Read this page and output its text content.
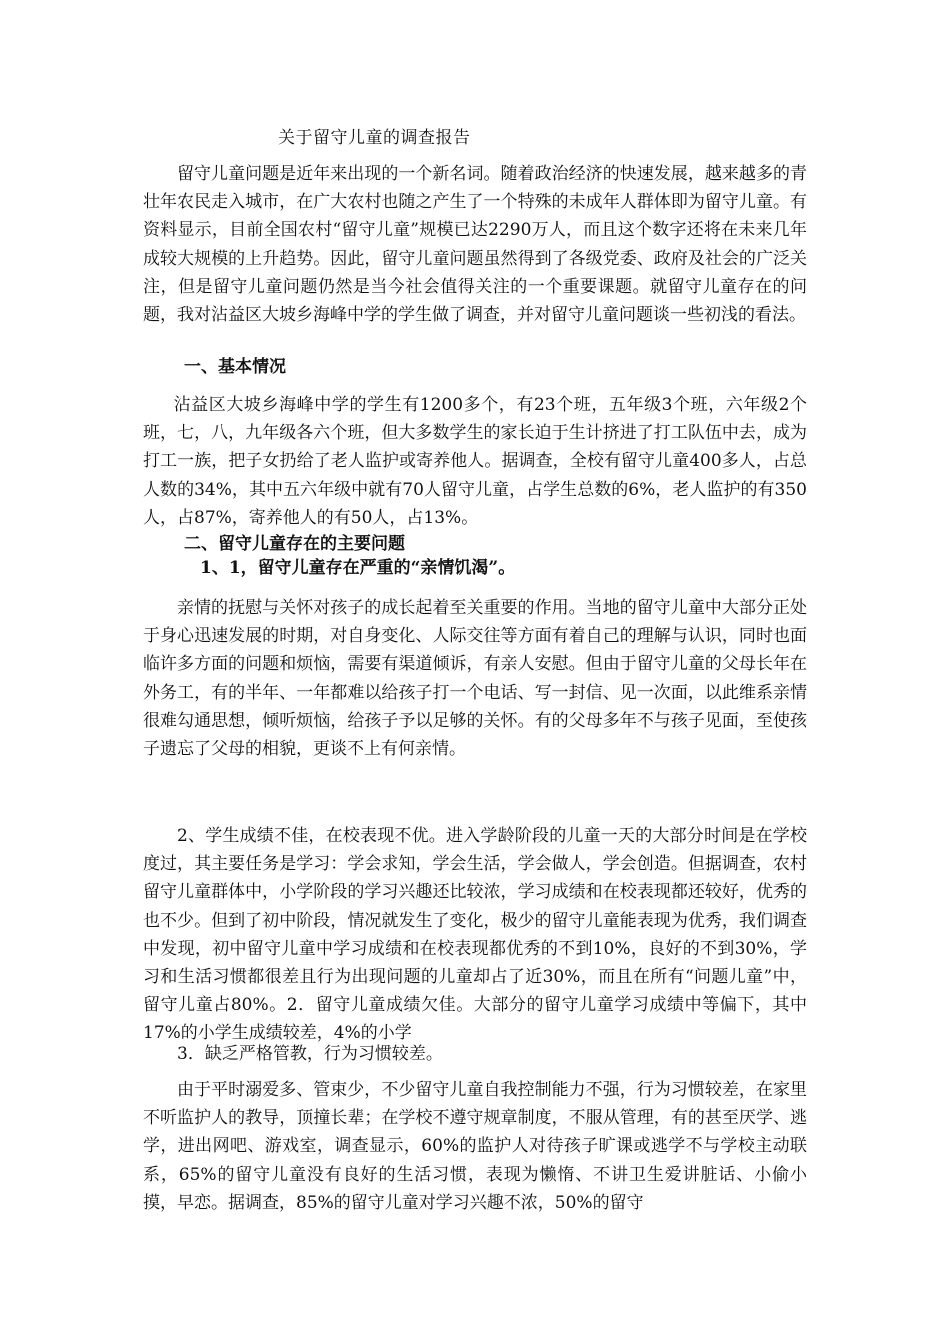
关于留守儿童的调查报告

留守儿童问题是近年来出现的一个新名词。随着政治经济的快速发展，越来越多的青壮年农民走入城市，在广大农村也随之产生了一个特殊的未成年人群体即为留守儿童。有资料显示，目前全国农村“留守儿童”规模已达2290万人，而且这个数字还将在未来几年成较大规模的上升趋势。因此，留守儿童问题虽然得到了各级党委、政府及社会的广泛关注，但是留守儿童问题仍然是当今社会值得关注的一个重要课题。就留守儿童存在的问题，我对沾益区大坡乡海峰中学的学生做了调查，并对留守儿童问题谈一些初浅的看法。

一、基本情况

沾益区大坡乡海峰中学的学生有1200多个，有23个班，五年级3个班，六年级2个班，七，八，九年级各六个班，但大多数学生的家长迫于生计挤进了打工队伍中去，成为打工一族，把子女扔给了老人监护或寄养他人。据调查，全校有留守儿童400多人，占总人数的34%，其中五六年级中就有70人留守儿童，占学生总数的6%，老人监护的有350人，占87%，寄养他人的有50人，占13%。

二、留守儿童存在的主要问题

1、1，留守儿童存在严重的“亲情饥渴”。

亲情的抚慰与关怀对孩子的成长起着至关重要的作用。当地的留守儿童中大部分正处于身心迅速发展的时期，对自身变化、人际交往等方面有着自己的理解与认识，同时也面临许多方面的问题和烦恼，需要有渠道倾诉，有亲人安慰。但由于留守儿童的父母长年在外务工，有的半年、一年都难以给孩子打一个电话、写一封信、见一次面，以此维系亲情很难勾通思想，倾听烦恼，给孩子予以足够的关怀。有的父母多年不与孩子见面，至使孩子遗忘了父母的相貌，更谈不上有何亲情。

2、学生成绩不佳，在校表现不优。进入学龄阶段的儿童一天的大部分时间是在学校度过，其主要任务是学习：学会求知，学会生活，学会做人，学会创造。但据调查，农村留守儿童群体中，小学阶段的学习兴趣还比较浓，学习成绩和在校表现都还较好，优秀的也不少。但到了初中阶段，情况就发生了变化，极少的留守儿童能表现为优秀，我们调查中发现，初中留守儿童中学习成绩和在校表现都优秀的不到10%，良好的不到30%，学习和生活习惯都很差且行为出现问题的儿童却占了近30%，而且在所有“问题儿童”中，留守儿童占80%。2．留守儿童成绩欠佳。大部分的留守儿童学习成绩中等偏下，其中17%的小学生成绩较差，4%的小学

3．缺乏严格管教，行为习惯较差。

由于平时溺爱多、管束少，不少留守儿童自我控制能力不强，行为习惯较差，在家里不听监护人的教导，顶撞长辈；在学校不遵守规章制度，不服从管理，有的甚至厌学、逃学，进出网吧、游戏室，调查显示，60%的监护人对待孩子旷课或逃学不与学校主动联系，65%的留守儿童没有良好的生活习惯，表现为懒惰、不讲卫生爱讲脏话、小偷小摸，早恋。据调查，85%的留守儿童对学习兴趣不浓，50%的留守
